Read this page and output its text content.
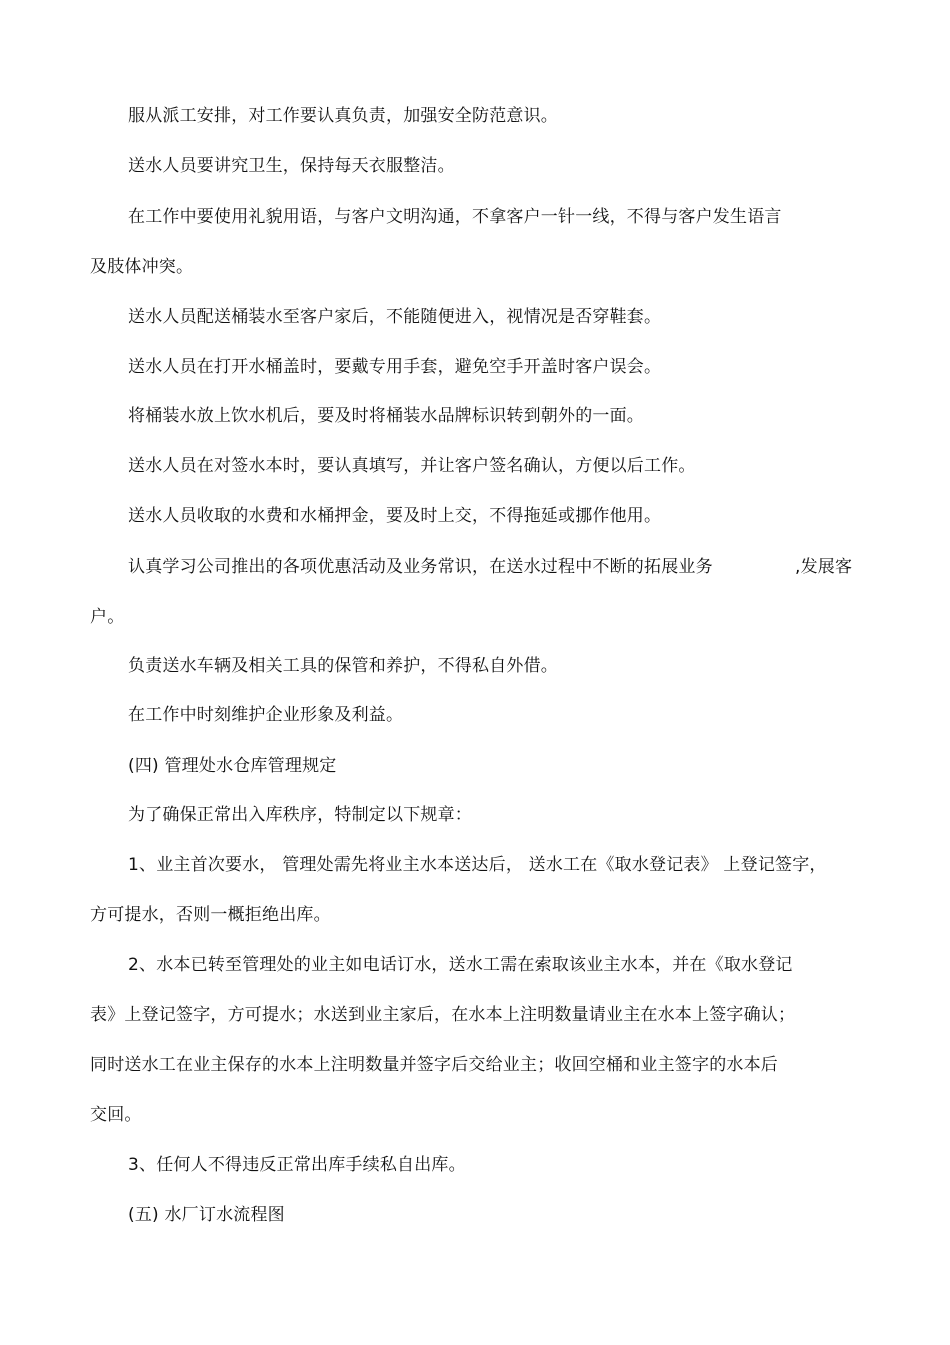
服从派工安排，对工作要认真负责，加强安全防范意识。
送水人员要讲究卫生，保持每天衣服整洁。
在工作中要使用礼貌用语，与客户文明沟通，不拿客户一针一线，不得与客户发生语言
及肢体冲突。
送水人员配送桶装水至客户家后，不能随便进入，视情况是否穿鞋套。
送水人员在打开水桶盖时，要戴专用手套，避免空手开盖时客户误会。
将桶装水放上饮水机后，要及时将桶装水品牌标识转到朝外的一面。
送水人员在对签水本时，要认真填写，并让客户签名确认，方便以后工作。
送水人员收取的水费和水桶押金，要及时上交，不得拖延或挪作他用。
认真学习公司推出的各项优惠活动及业务常识，在送水过程中不断的拓展业务	,发展客
户。
负责送水车辆及相关工具的保管和养护，不得私自外借。
在工作中时刻维护企业形象及利益。
(四) 管理处水仓库管理规定
为了确保正常出入库秩序，特制定以下规章：
1、业主首次要水， 管理处需先将业主水本送达后， 送水工在《取水登记表》 上登记签字，
方可提水，否则一概拒绝出库。
2、水本已转至管理处的业主如电话订水，送水工需在索取该业主水本，并在《取水登记
表》上登记签字，方可提水；水送到业主家后，在水本上注明数量请业主在水本上签字确认；
同时送水工在业主保存的水本上注明数量并签字后交给业主；收回空桶和业主签字的水本后
交回。
3、任何人不得违反正常出库手续私自出库。
(五) 水厂订水流程图
